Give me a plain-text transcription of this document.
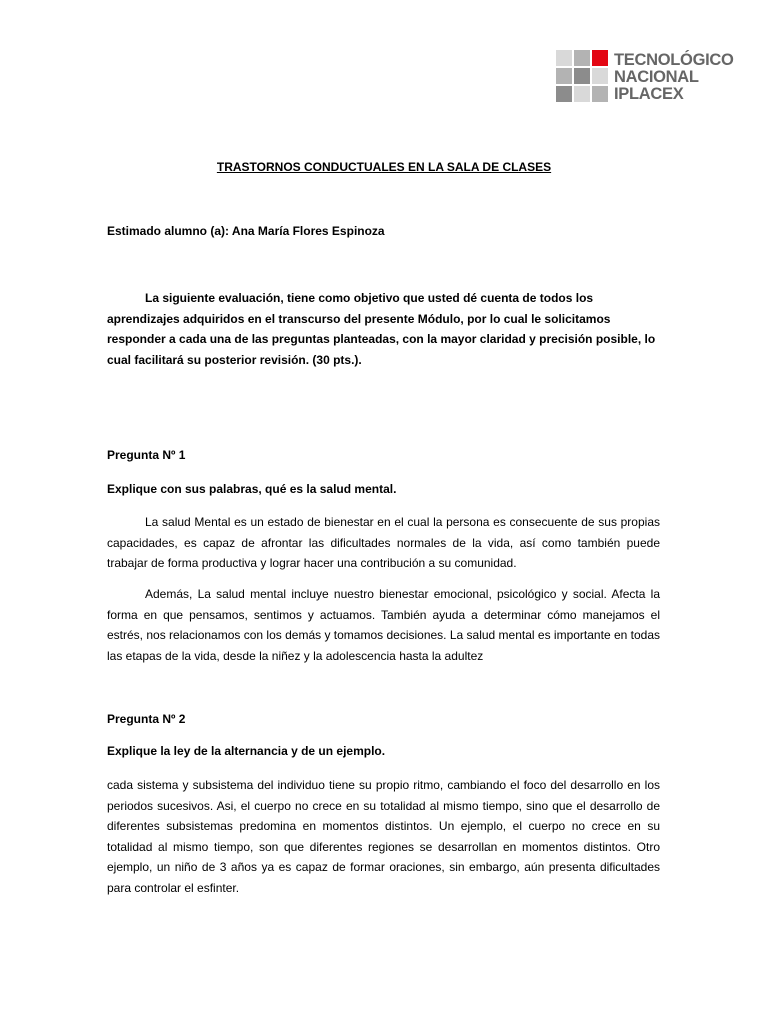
TECNOLÓGICO
NACIONAL
IPLACEX
TRASTORNOS CONDUCTUALES EN LA SALA DE CLASES
Estimado alumno (a): Ana María Flores Espinoza
La siguiente evaluación, tiene como objetivo que usted dé cuenta de todos los aprendizajes adquiridos en el transcurso del presente Módulo, por lo cual le solicitamos responder a cada una de las preguntas planteadas, con la mayor claridad y precisión posible, lo cual facilitará su posterior revisión. (30 pts.).
Pregunta Nº 1
Explique con sus palabras, qué es la salud mental.
La salud Mental es un estado de bienestar en el cual la persona es consecuente de sus propias capacidades, es capaz de afrontar las dificultades normales de la vida, así como también puede trabajar de forma productiva y lograr hacer una contribución a su comunidad.
Además, La salud mental incluye nuestro bienestar emocional, psicológico y social. Afecta la forma en que pensamos, sentimos y actuamos. También ayuda a determinar cómo manejamos el estrés, nos relacionamos con los demás y tomamos decisiones. La salud mental es importante en todas las etapas de la vida, desde la niñez y la adolescencia hasta la adultez
Pregunta Nº 2
Explique la ley de la alternancia y de un ejemplo.
cada sistema y subsistema del individuo tiene su propio ritmo, cambiando el foco del desarrollo en los periodos sucesivos. Asi, el cuerpo no crece en su totalidad al mismo tiempo, sino que el desarrollo de diferentes subsistemas predomina en momentos distintos. Un ejemplo, el cuerpo no crece en su totalidad al mismo tiempo, son que diferentes regiones se desarrollan en momentos distintos. Otro ejemplo, un niño de 3 años ya es capaz de formar oraciones, sin embargo, aún presenta dificultades para controlar el esfinter.
